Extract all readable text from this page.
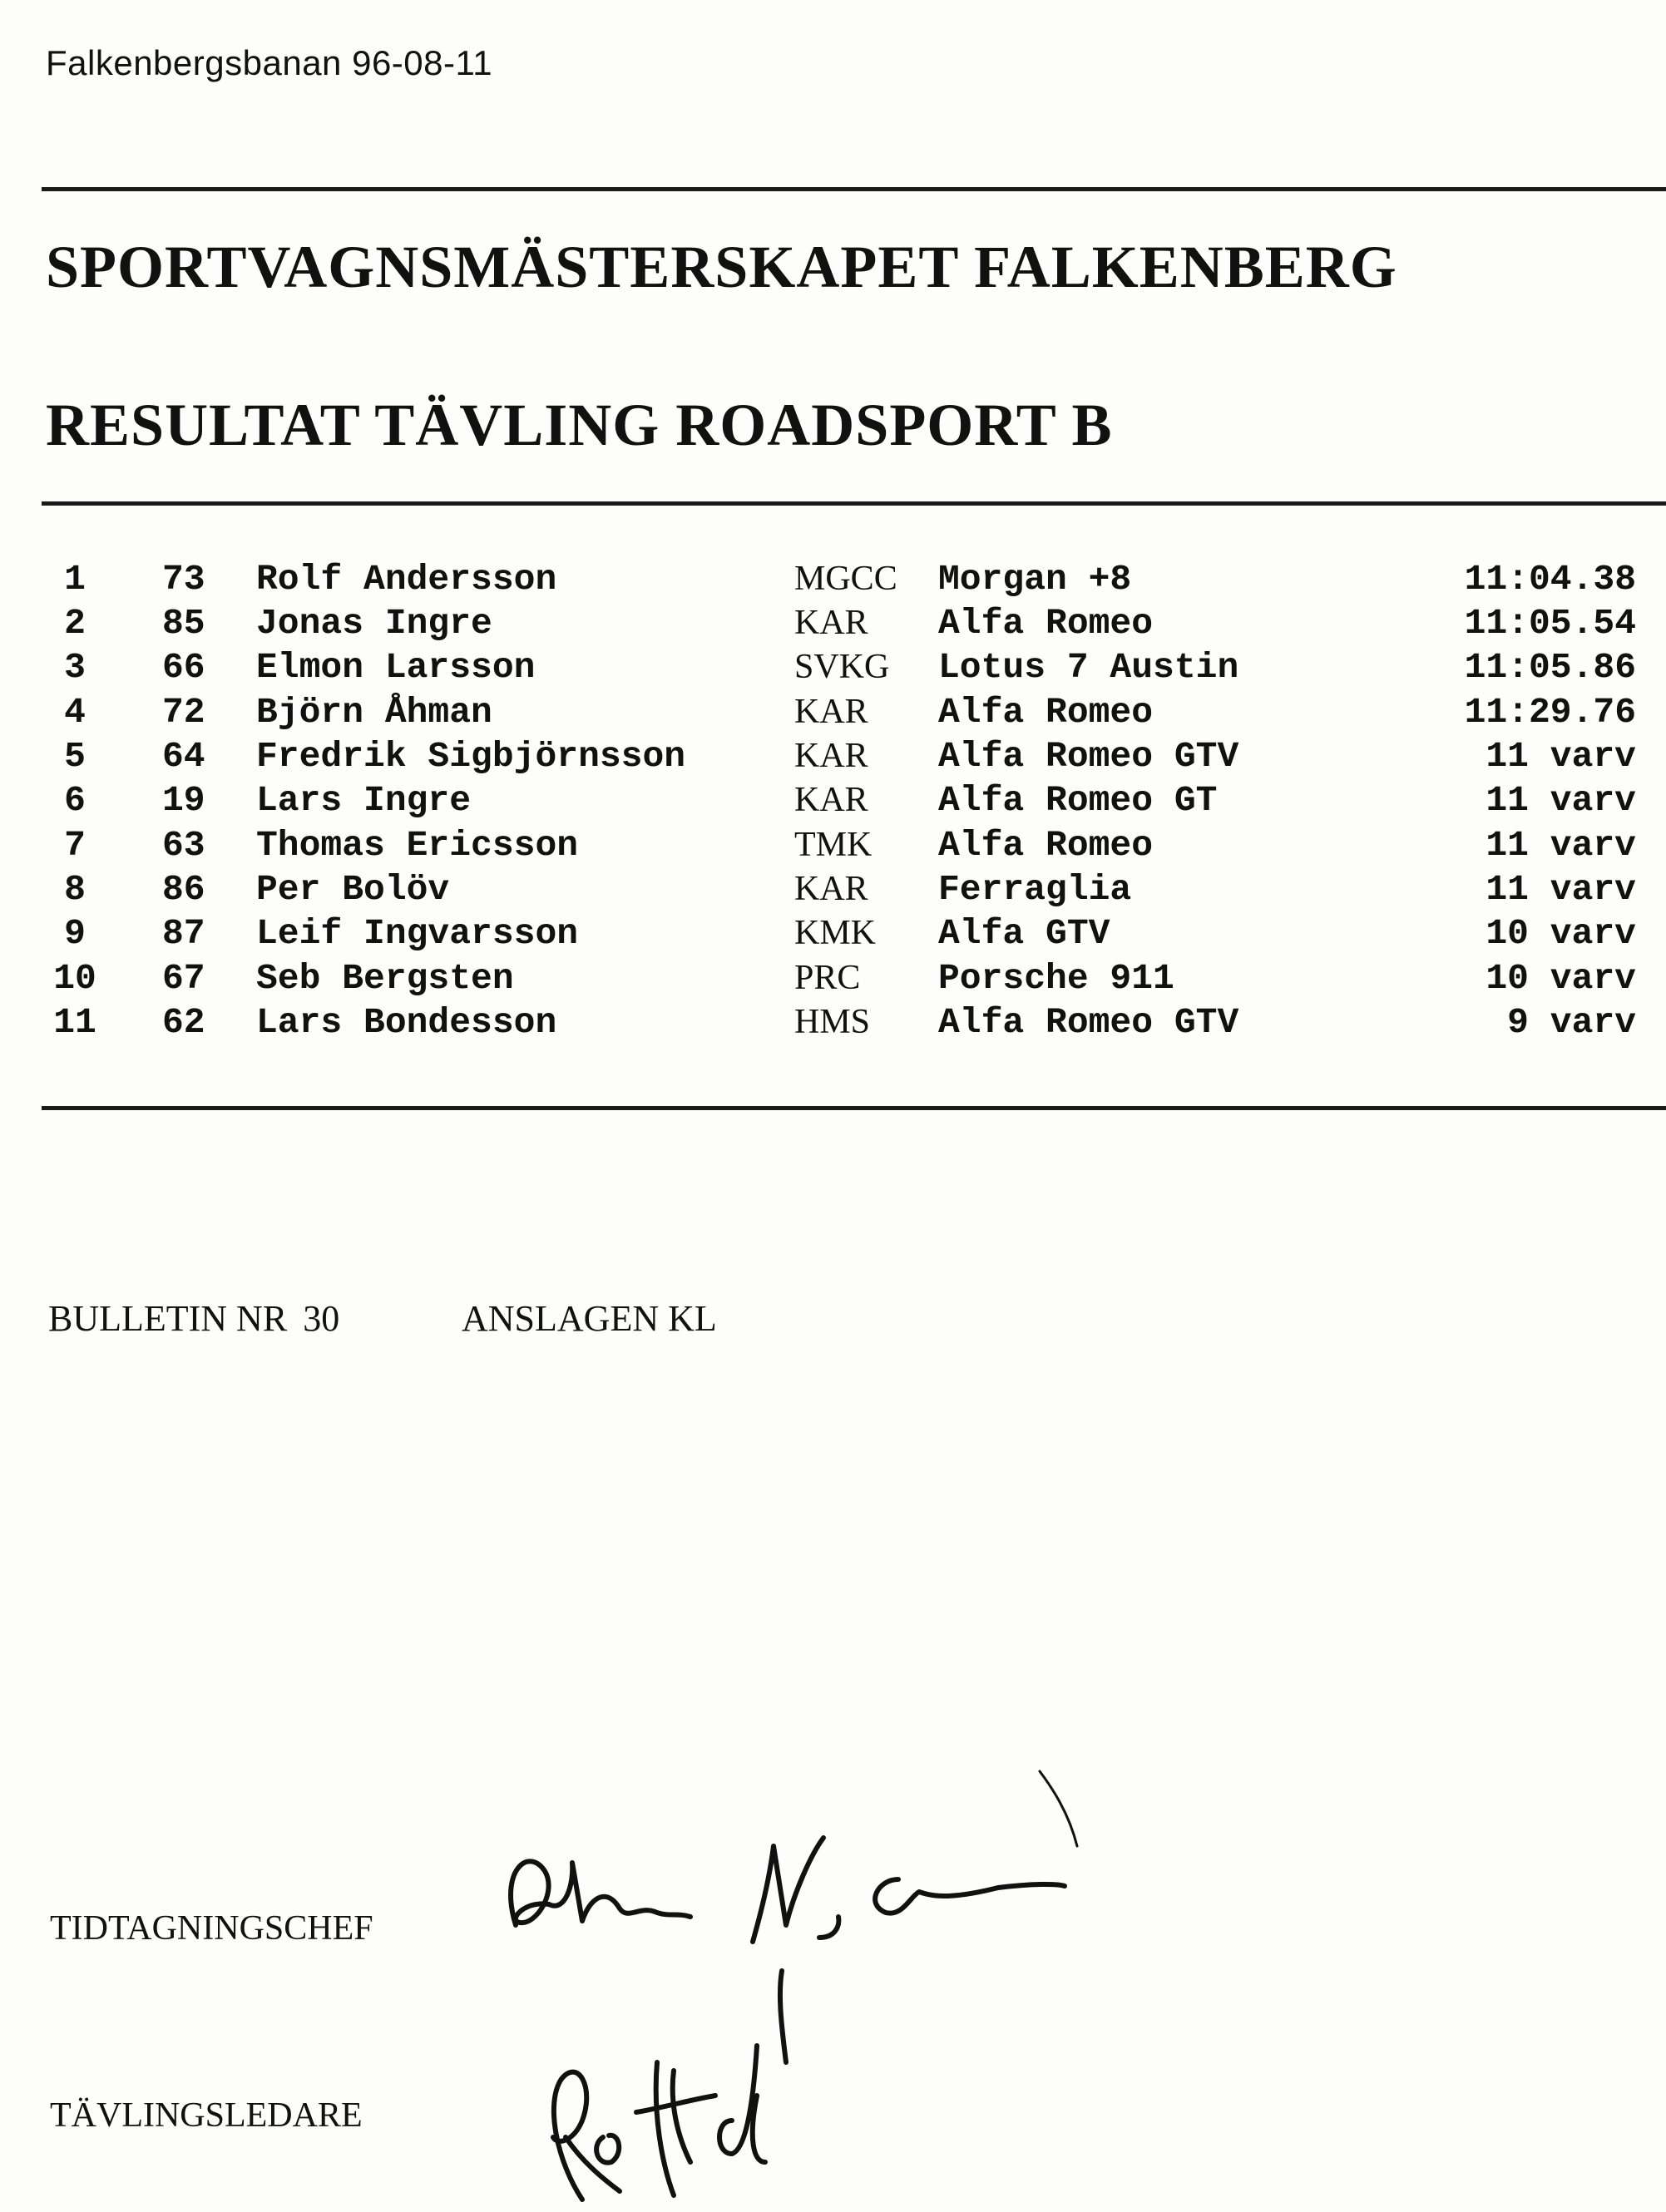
Falkenbergsbanan 96-08-11
SPORTVAGNSMÄSTERSKAPET FALKENBERG
RESULTAT TÄVLING ROADSPORT B
1	73 Rolf Andersson	MGCC Morgan +8	11:04.38
2	85 Jonas Ingre	KAR Alfa Romeo	11:05.54
3	66 Elmon Larsson	SVKG Lotus 7 Austin	11:05.86
4	72 Björn Åhman	KAR Alfa Romeo	11:29.76
5	64 Fredrik Sigbjörnsson	KAR Alfa Romeo GTV	11 varv
6	19 Lars Ingre	KAR Alfa Romeo GT	11 varv
7	63 Thomas Ericsson	TMK Alfa Romeo	11 varv
8	86 Per Bolöv	KAR Ferraglia	11 varv
9	87 Leif Ingvarsson	KMK Alfa GTV	10 varv
10 67 Seb Bergsten	PRC Porsche 911	10 varv
11 62 Lars Bondesson	HMS Alfa Romeo GTV	9 varv
BULLETIN NR 30	ANSLAGEN KL
TIDTAGNINGSCHEF
TÄVLINGSLEDARE
